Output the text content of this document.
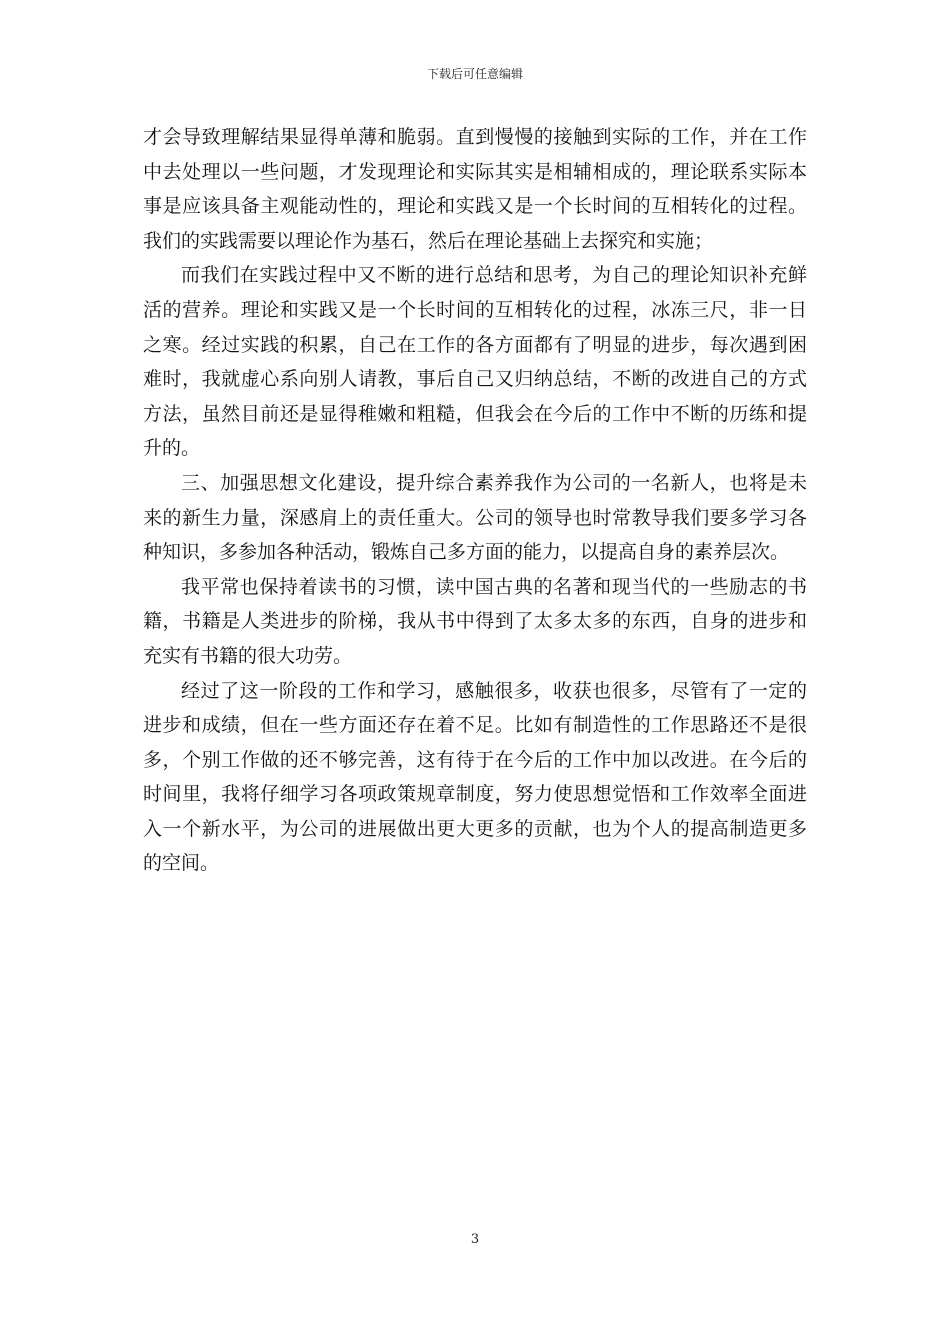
下载后可任意编辑

才会导致理解结果显得单薄和脆弱。直到慢慢的接触到实际的工作，并在工作中去处理以一些问题，才发现理论和实际其实是相辅相成的，理论联系实际本事是应该具备主观能动性的，理论和实践又是一个长时间的互相转化的过程。我们的实践需要以理论作为基石，然后在理论基础上去探究和实施；

而我们在实践过程中又不断的进行总结和思考，为自己的理论知识补充鲜活的营养。理论和实践又是一个长时间的互相转化的过程，冰冻三尺，非一日之寒。经过实践的积累，自己在工作的各方面都有了明显的进步，每次遇到困难时，我就虚心系向别人请教，事后自己又归纳总结，不断的改进自己的方式方法，虽然目前还是显得稚嫩和粗糙，但我会在今后的工作中不断的历练和提升的。

三、加强思想文化建设，提升综合素养我作为公司的一名新人，也将是未来的新生力量，深感肩上的责任重大。公司的领导也时常教导我们要多学习各种知识，多参加各种活动，锻炼自己多方面的能力，以提高自身的素养层次。

我平常也保持着读书的习惯，读中国古典的名著和现当代的一些励志的书籍，书籍是人类进步的阶梯，我从书中得到了太多太多的东西，自身的进步和充实有书籍的很大功劳。

经过了这一阶段的工作和学习，感触很多，收获也很多，尽管有了一定的进步和成绩，但在一些方面还存在着不足。比如有制造性的工作思路还不是很多，个别工作做的还不够完善，这有待于在今后的工作中加以改进。在今后的时间里，我将仔细学习各项政策规章制度，努力使思想觉悟和工作效率全面进入一个新水平，为公司的进展做出更大更多的贡献，也为个人的提高制造更多的空间。

3
